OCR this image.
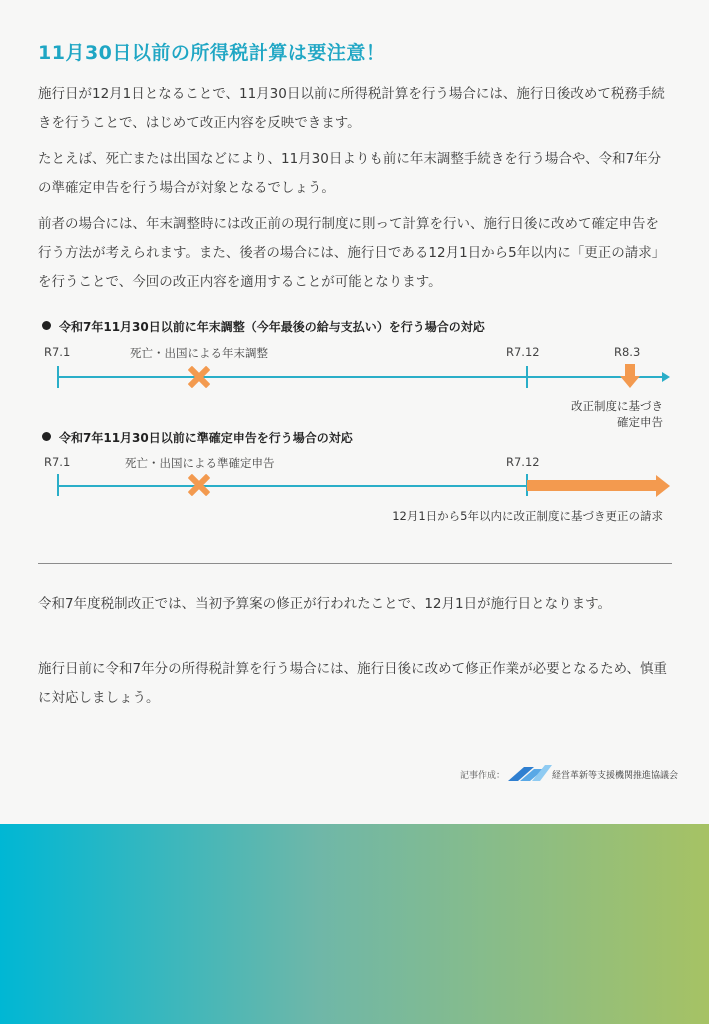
11月30日以前の所得税計算は要注意！

施行日が12月1日となることで、11月30日以前に所得税計算を行う場合には、施行日後改めて税務手続きを行うことで、はじめて改正内容を反映できます。

たとえば、死亡または出国などにより、11月30日よりも前に年末調整手続きを行う場合や、令和7年分の準確定申告を行う場合が対象となるでしょう。

前者の場合には、年末調整時には改正前の現行制度に則って計算を行い、施行日後に改めて確定申告を行う方法が考えられます。また、後者の場合には、施行日である12月1日から5年以内に「更正の請求」を行うことで、今回の改正内容を適用することが可能となります。

令和7年11月30日以前に年末調整（今年最後の給与支払い）を行う場合の対応
R7.1	死亡・出国による年末調整	R7.12	R8.3
改正制度に基づき
確定申告
令和7年11月30日以前に準確定申告を行う場合の対応
R7.1	死亡・出国による準確定申告	R7.12
12月1日から5年以内に改正制度に基づき更正の請求

令和7年度税制改正では、当初予算案の修正が行われたことで、12月1日が施行日となります。

施行日前に令和7年分の所得税計算を行う場合には、施行日後に改めて修正作業が必要となるため、慎重に対応しましょう。

記事作成：	経営革新等支援機関推進協議会
